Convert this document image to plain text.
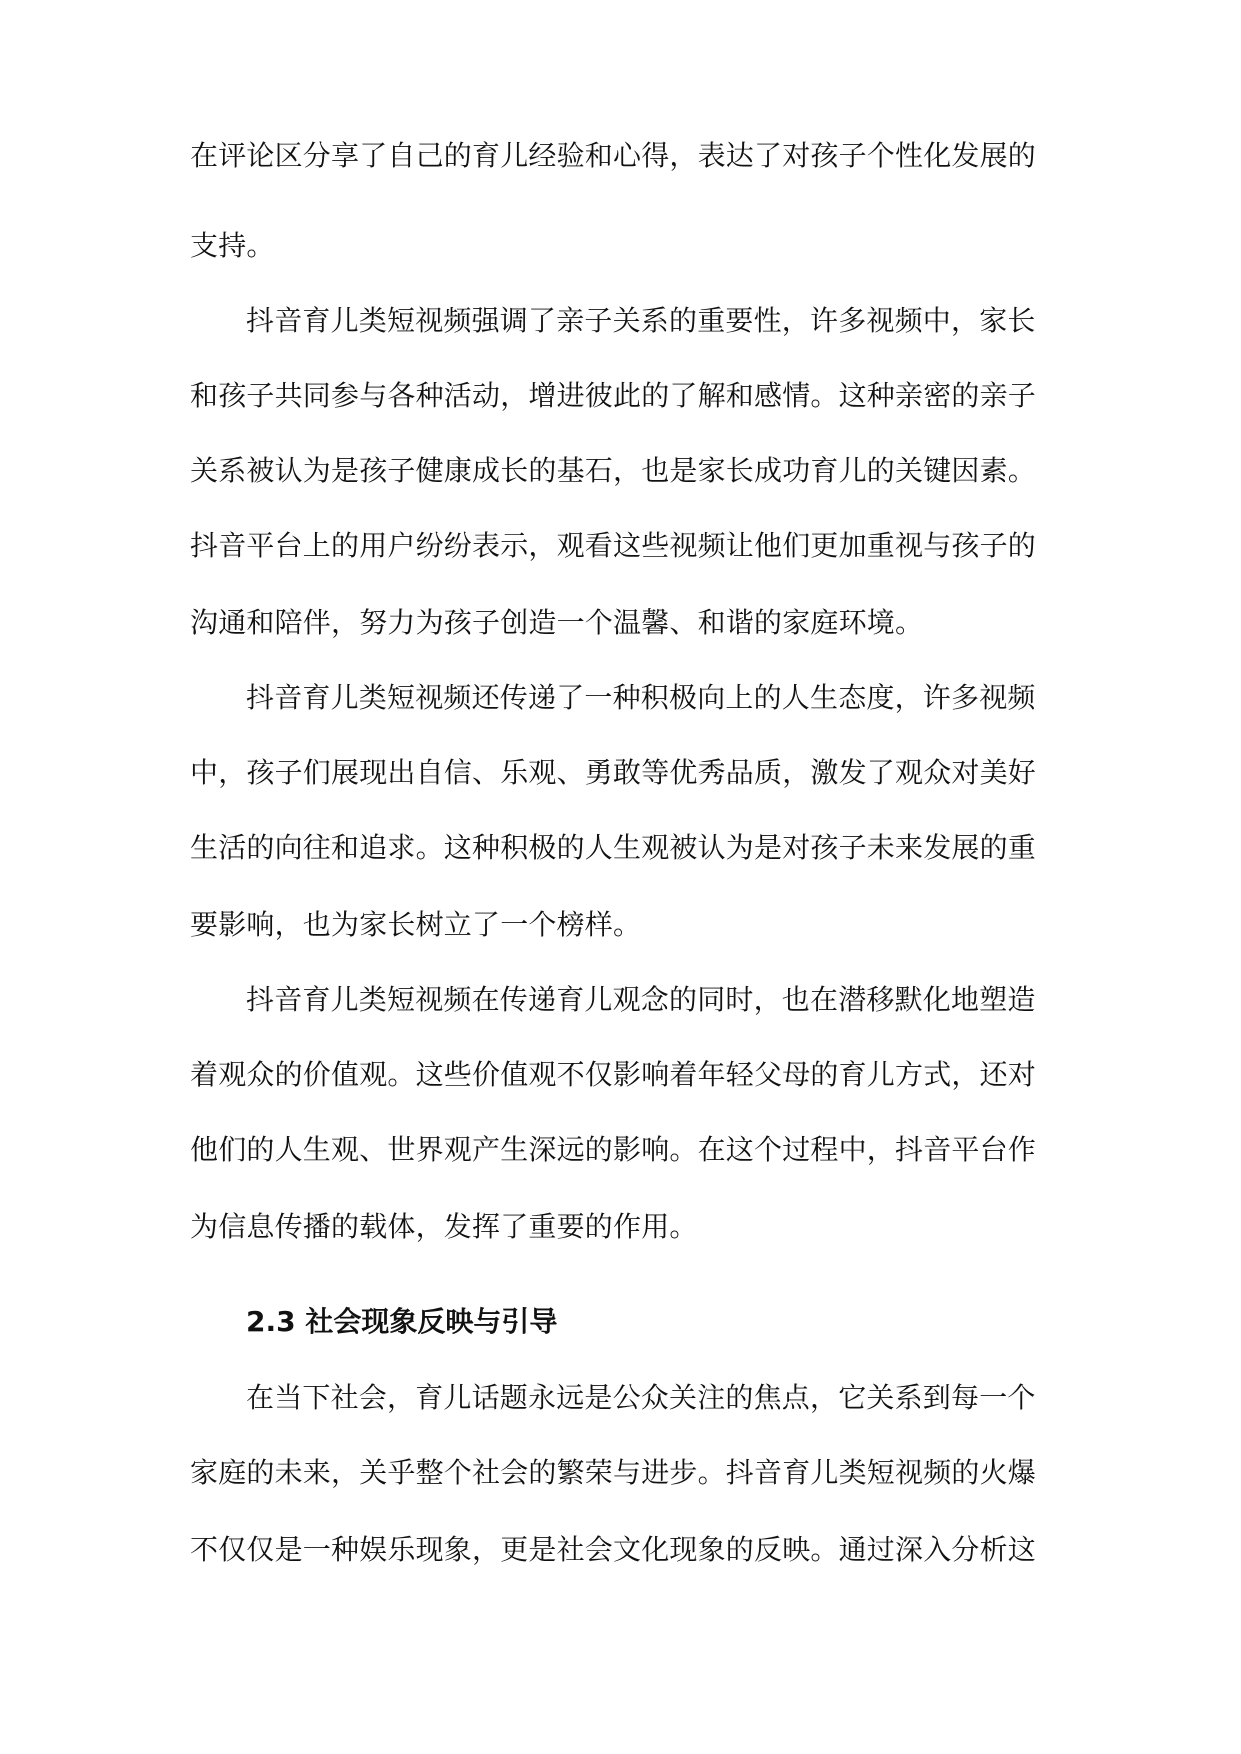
在评论区分享了自己的育儿经验和心得，表达了对孩子个性化发展的
支持。
抖音育儿类短视频强调了亲子关系的重要性，许多视频中，家长
和孩子共同参与各种活动，增进彼此的了解和感情。这种亲密的亲子
关系被认为是孩子健康成长的基石，也是家长成功育儿的关键因素。
抖音平台上的用户纷纷表示，观看这些视频让他们更加重视与孩子的
沟通和陪伴，努力为孩子创造一个温馨、和谐的家庭环境。
抖音育儿类短视频还传递了一种积极向上的人生态度，许多视频
中，孩子们展现出自信、乐观、勇敢等优秀品质，激发了观众对美好
生活的向往和追求。这种积极的人生观被认为是对孩子未来发展的重
要影响，也为家长树立了一个榜样。
抖音育儿类短视频在传递育儿观念的同时，也在潜移默化地塑造
着观众的价值观。这些价值观不仅影响着年轻父母的育儿方式，还对
他们的人生观、世界观产生深远的影响。在这个过程中，抖音平台作
为信息传播的载体，发挥了重要的作用。
2.3 社会现象反映与引导
在当下社会，育儿话题永远是公众关注的焦点，它关系到每一个
家庭的未来，关乎整个社会的繁荣与进步。抖音育儿类短视频的火爆
不仅仅是一种娱乐现象，更是社会文化现象的反映。通过深入分析这
